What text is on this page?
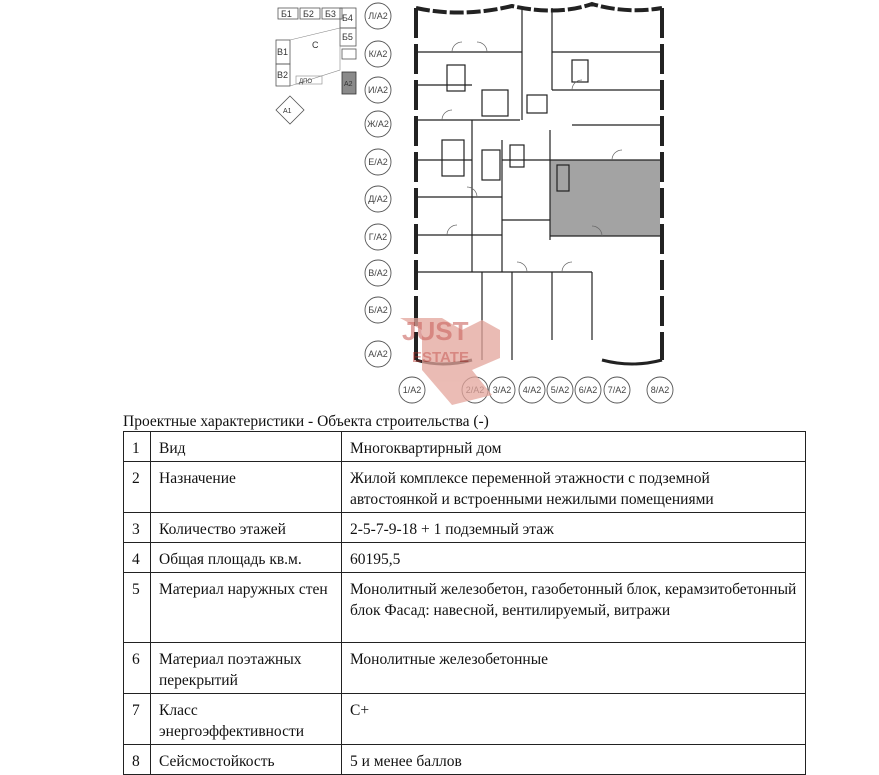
Б1 Б2 Б3 Б4
Б5
В1
В2
С
ДПО	А2
А1
Л/А2
К/А2
И/А2
Ж/А2
Е/А2
Д/А2
Г/А2
В/А2
Б/А2
А/А2
1/А2	3/А2 4/А2 5/А2 6/А2 7/А2	8/А2
JUST
ESTATE
Проектные характеристики - Объекта строительства (-)
1	Вид	Многоквартирный дом
2	Назначение	Жилой комплексе переменной этажности с подземной автостоянкой и встроенными нежилыми помещениями
3	Количество этажей	2-5-7-9-18 + 1 подземный этаж
4	Общая площадь кв.м.	60195,5
5	Материал наружных стен	Монолитный железобетон, газобетонный блок, керамзитобетонный блок Фасад: навесной, вентилируемый, витражи
6	Материал поэтажных перекрытий	Монолитные железобетонные
7	Класс энергоэффективности	C+
8	Сейсмостойкость	5 и менее баллов
